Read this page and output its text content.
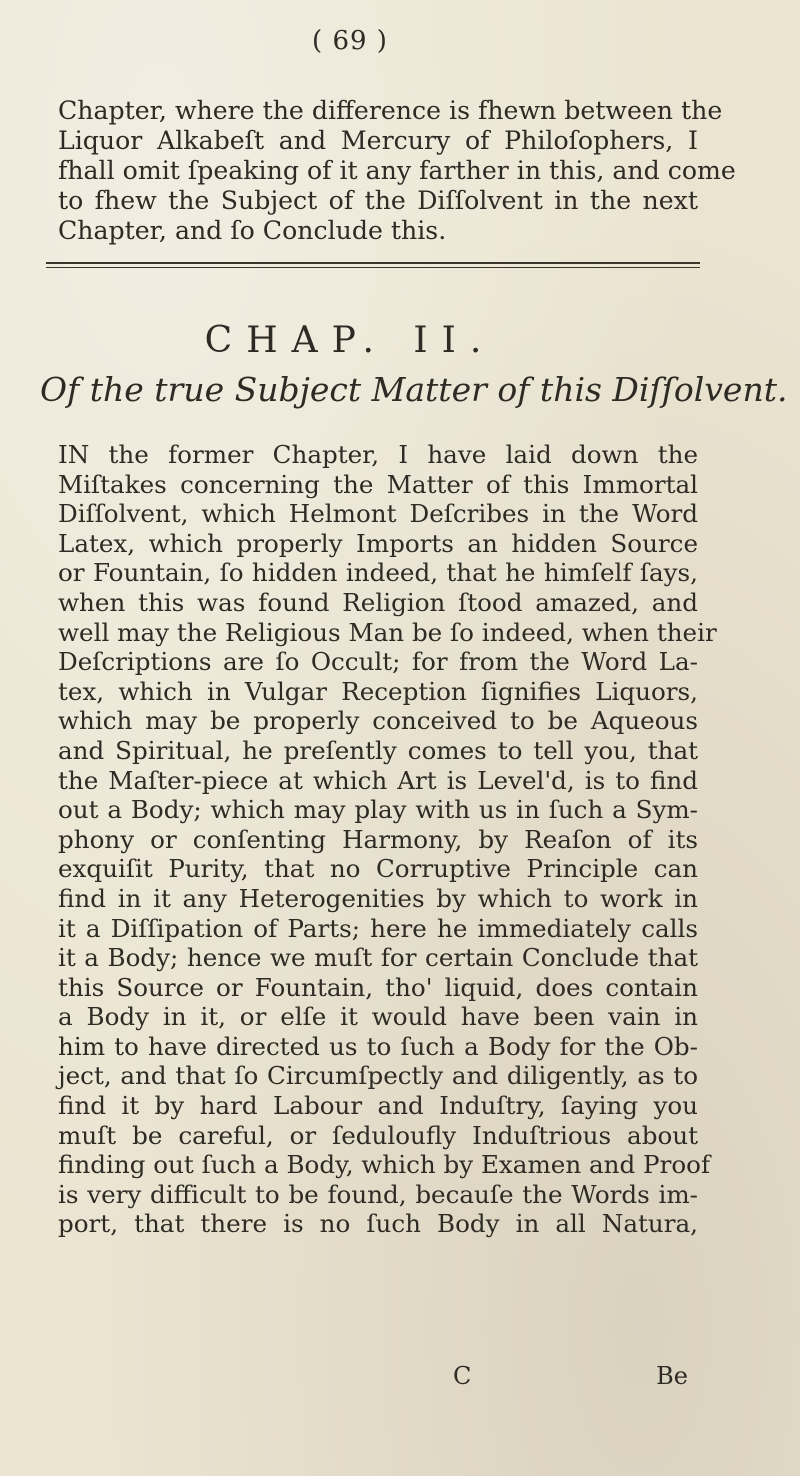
( 69 )
Chapter, where the difference is fhewn between the
Liquor Alkabeſt and Mercury of Philoſophers, I
fhall omit ſpeaking of it any farther in this, and come
to fhew the Subject of the Diſſolvent in the next
Chapter, and ſo Conclude this.
CHAP. II.
Of the true Subject Matter of this Diſſolvent.
IN the former Chapter, I have laid down the
Miſtakes concerning the Matter of this Immortal
Diſſolvent, which Helmont Deſcribes in the Word
Latex, which properly Imports an hidden Source
or Fountain, ſo hidden indeed, that he himſelf ſays,
when this was found Religion ſtood amazed, and
well may the Religious Man be ſo indeed, when their
Deſcriptions are ſo Occult; for from the Word La-
tex, which in Vulgar Reception ſignifies Liquors,
which may be properly conceived to be Aqueous
and Spiritual, he preſently comes to tell you, that
the Maſter-piece at which Art is Level'd, is to find
out a Body; which may play with us in ſuch a Sym-
phony or conſenting Harmony, by Reaſon of its
exquiſit Purity, that no Corruptive Principle can
find in it any Heterogenities by which to work in
it a Diſſipation of Parts; here he immediately calls
it a Body; hence we muſt for certain Conclude that
this Source or Fountain, tho' liquid, does contain
a Body in it, or elſe it would have been vain in
him to have directed us to ſuch a Body for the Ob-
ject, and that ſo Circumſpectly and diligently, as to
find it by hard Labour and Induſtry, ſaying you
muſt be careful, or ſeduloufly Induſtrious about
finding out ſuch a Body, which by Examen and Proof
is very difficult to be found, becauſe the Words im-
port, that there is no ſuch Body in all Natura,
C	Be
